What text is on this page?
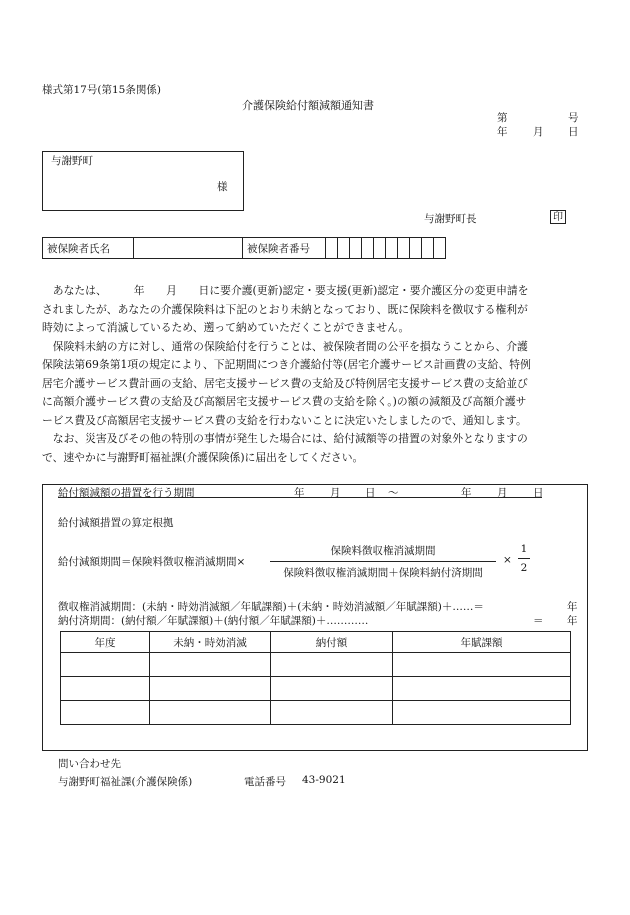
様式第17号(第15条関係)
介護保険給付額減額通知書
第	号
年 月 日
与謝野町
様
与謝野町長	印
被保険者氏名		被保険者番号										

あなたは、　　　年　　月　　日に要介護(更新)認定・要支援(更新)認定・要介護区分の変更申請を

されましたが、あなたの介護保険料は下記のとおり未納となっており、既に保険料を徴収する権利が

時効によって消滅しているため、遡って納めていただくことができません。

保険料未納の方に対し、通常の保険給付を行うことは、被保険者間の公平を損なうことから、介護

保険法第69条第1項の規定により、下記期間につき介護給付等(居宅介護サービス計画費の支給、特例

居宅介護サービス費計画の支給、居宅支援サービス費の支給及び特例居宅支援サービス費の支給並び

に高額介護サービス費の支給及び高額居宅支援サービス費の支給を除く。)の額の減額及び高額介護サ

ービス費及び高額居宅支援サービス費の支給を行わないことに決定いたしましたので、通知します。

なお、災害及びその他の特別の事情が発生した場合には、給付減額等の措置の対象外となりますの

で、速やかに与謝野町福祉課(介護保険係)に届出をしてください。

給付額減額の措置を行う期間	年 月 日 ～	年 月 日
給付減額措置の算定根拠
給付減額期間＝保険料徴収権消滅期間×
保険料徴収権消滅期間
保険料徴収権消滅期間＋保険料納付済期間
×
1
2
徴収権消滅期間：(未納・時効消滅額／年賦課額)＋(未納・時効消滅額／年賦課額)＋……＝	年
納付済期間：(納付額／年賦課額)＋(納付額／年賦課額)＋…………	＝ 年
年度	未納・時効消滅	納付額	年賦課額

問い合わせ先
与謝野町福祉課(介護保険係)	電話番号 43-9021
